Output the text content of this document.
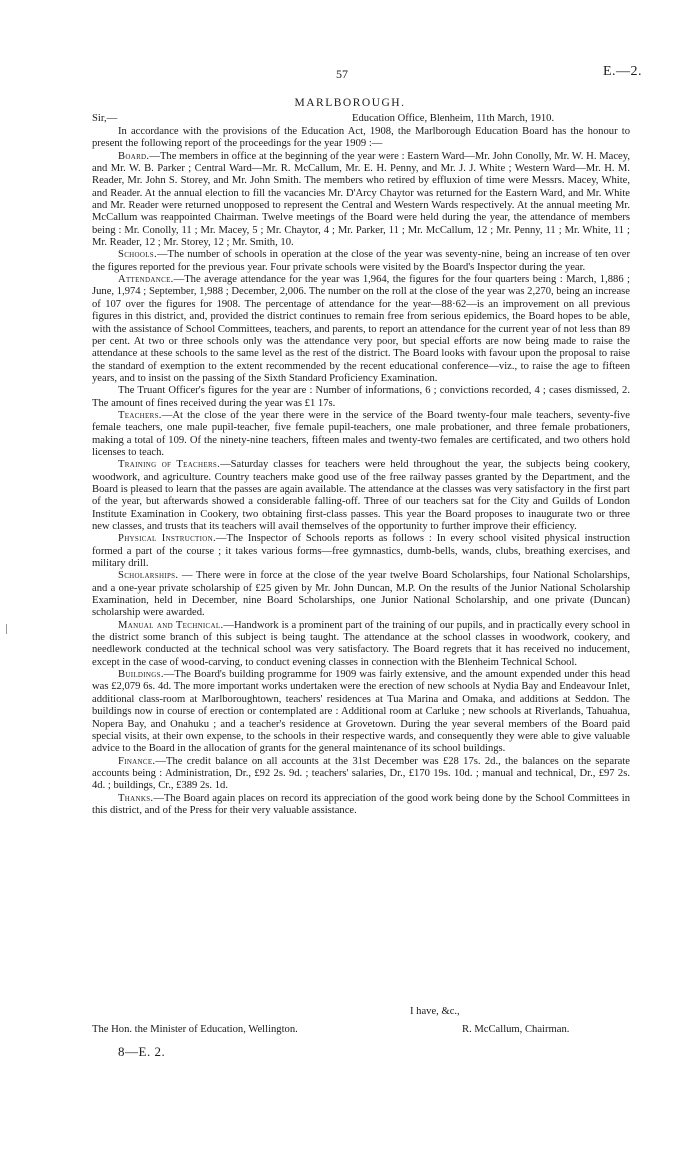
57	E.—2.
MARLBOROUGH.
Sir,—	Education Office, Blenheim, 11th March, 1910.

In accordance with the provisions of the Education Act, 1908, the Marlborough Education Board has the honour to present the following report of the proceedings for the year 1909 :—

Board.—The members in office at the beginning of the year were : Eastern Ward—Mr. John Conolly, Mr. W. H. Macey, and Mr. W. B. Parker ; Central Ward—Mr. R. McCallum, Mr. E. H. Penny, and Mr. J. J. White ; Western Ward—Mr. H. M. Reader, Mr. John S. Storey, and Mr. John Smith. The members who retired by effluxion of time were Messrs. Macey, White, and Reader. At the annual election to fill the vacancies Mr. D'Arcy Chaytor was returned for the Eastern Ward, and Mr. White and Mr. Reader were returned unopposed to represent the Central and Western Wards respectively. At the annual meeting Mr. McCallum was reappointed Chairman. Twelve meetings of the Board were held during the year, the attendance of members being : Mr. Conolly, 11 ; Mr. Macey, 5 ; Mr. Chaytor, 4 ; Mr. Parker, 11 ; Mr. McCallum, 12 ; Mr. Penny, 11 ; Mr. White, 11 ; Mr. Reader, 12 ; Mr. Storey, 12 ; Mr. Smith, 10.

Schools.—The number of schools in operation at the close of the year was seventy-nine, being an increase of ten over the figures reported for the previous year. Four private schools were visited by the Board's Inspector during the year.

Attendance.—The average attendance for the year was 1,964, the figures for the four quarters being : March, 1,886 ; June, 1,974 ; September, 1,988 ; December, 2,006. The number on the roll at the close of the year was 2,270, being an increase of 107 over the figures for 1908. The percentage of attendance for the year—88·62—is an improvement on all previous figures in this district, and, provided the district continues to remain free from serious epidemics, the Board hopes to be able, with the assistance of School Committees, teachers, and parents, to report an attendance for the current year of not less than 89 per cent. At two or three schools only was the attendance very poor, but special efforts are now being made to raise the attendance at these schools to the same level as the rest of the district. The Board looks with favour upon the proposal to raise the standard of exemption to the extent recommended by the recent educational conference—viz., to raise the age to fifteen years, and to insist on the passing of the Sixth Standard Proficiency Examination.

The Truant Officer's figures for the year are : Number of informations, 6 ; convictions recorded, 4 ; cases dismissed, 2. The amount of fines received during the year was £1 17s.

Teachers.—At the close of the year there were in the service of the Board twenty-four male teachers, seventy-five female teachers, one male pupil-teacher, five female pupil-teachers, one male probationer, and three female probationers, making a total of 109. Of the ninety-nine teachers, fifteen males and twenty-two females are certificated, and two others hold licenses to teach.

Training of Teachers.—Saturday classes for teachers were held throughout the year, the subjects being cookery, woodwork, and agriculture. Country teachers make good use of the free railway passes granted by the Department, and the Board is pleased to learn that the passes are again available. The attendance at the classes was very satisfactory in the first part of the year, but afterwards showed a considerable falling-off. Three of our teachers sat for the City and Guilds of London Institute Examination in Cookery, two obtaining first-class passes. This year the Board proposes to inaugurate two or three new classes, and trusts that its teachers will avail themselves of the opportunity to further improve their efficiency.

Physical Instruction.—The Inspector of Schools reports as follows : In every school visited physical instruction formed a part of the course ; it takes various forms—free gymnastics, dumb-bells, wands, clubs, breathing exercises, and military drill.

Scholarships. — There were in force at the close of the year twelve Board Scholarships, four National Scholarships, and a one-year private scholarship of £25 given by Mr. John Duncan, M.P. On the results of the Junior National Scholarship Examination, held in December, nine Board Scholarships, one Junior National Scholarship, and one private (Duncan) scholarship were awarded.

Manual and Technical.—Handwork is a prominent part of the training of our pupils, and in practically every school in the district some branch of this subject is being taught. The attendance at the school classes in woodwork, cookery, and needlework conducted at the technical school was very satisfactory. The Board regrets that it has received no inducement, except in the case of wood-carving, to conduct evening classes in connection with the Blenheim Technical School.

Buildings.—The Board's building programme for 1909 was fairly extensive, and the amount expended under this head was £2,079 6s. 4d. The more important works undertaken were the erection of new schools at Nydia Bay and Endeavour Inlet, additional class-room at Marlboroughtown, teachers' residences at Tua Marina and Omaka, and additions at Seddon. The buildings now in course of erection or contemplated are : Additional room at Carluke ; new schools at Riverlands, Tahuahua, Nopera Bay, and Onahuku ; and a teacher's residence at Grovetown. During the year several members of the Board paid special visits, at their own expense, to the schools in their respective wards, and consequently they were able to give valuable advice to the Board in the allocation of grants for the general maintenance of its school buildings.

Finance.—The credit balance on all accounts at the 31st December was £28 17s. 2d., the balances on the separate accounts being : Administration, Dr., £92 2s. 9d. ; teachers' salaries, Dr., £170 19s. 10d. ; manual and technical, Dr., £97 2s. 4d. ; buildings, Cr., £389 2s. 1d.

Thanks.—The Board again places on record its appreciation of the good work being done by the School Committees in this district, and of the Press for their very valuable assistance.

I have, &c.,
The Hon. the Minister of Education, Wellington.	R. McCallum, Chairman.
8—E. 2.
